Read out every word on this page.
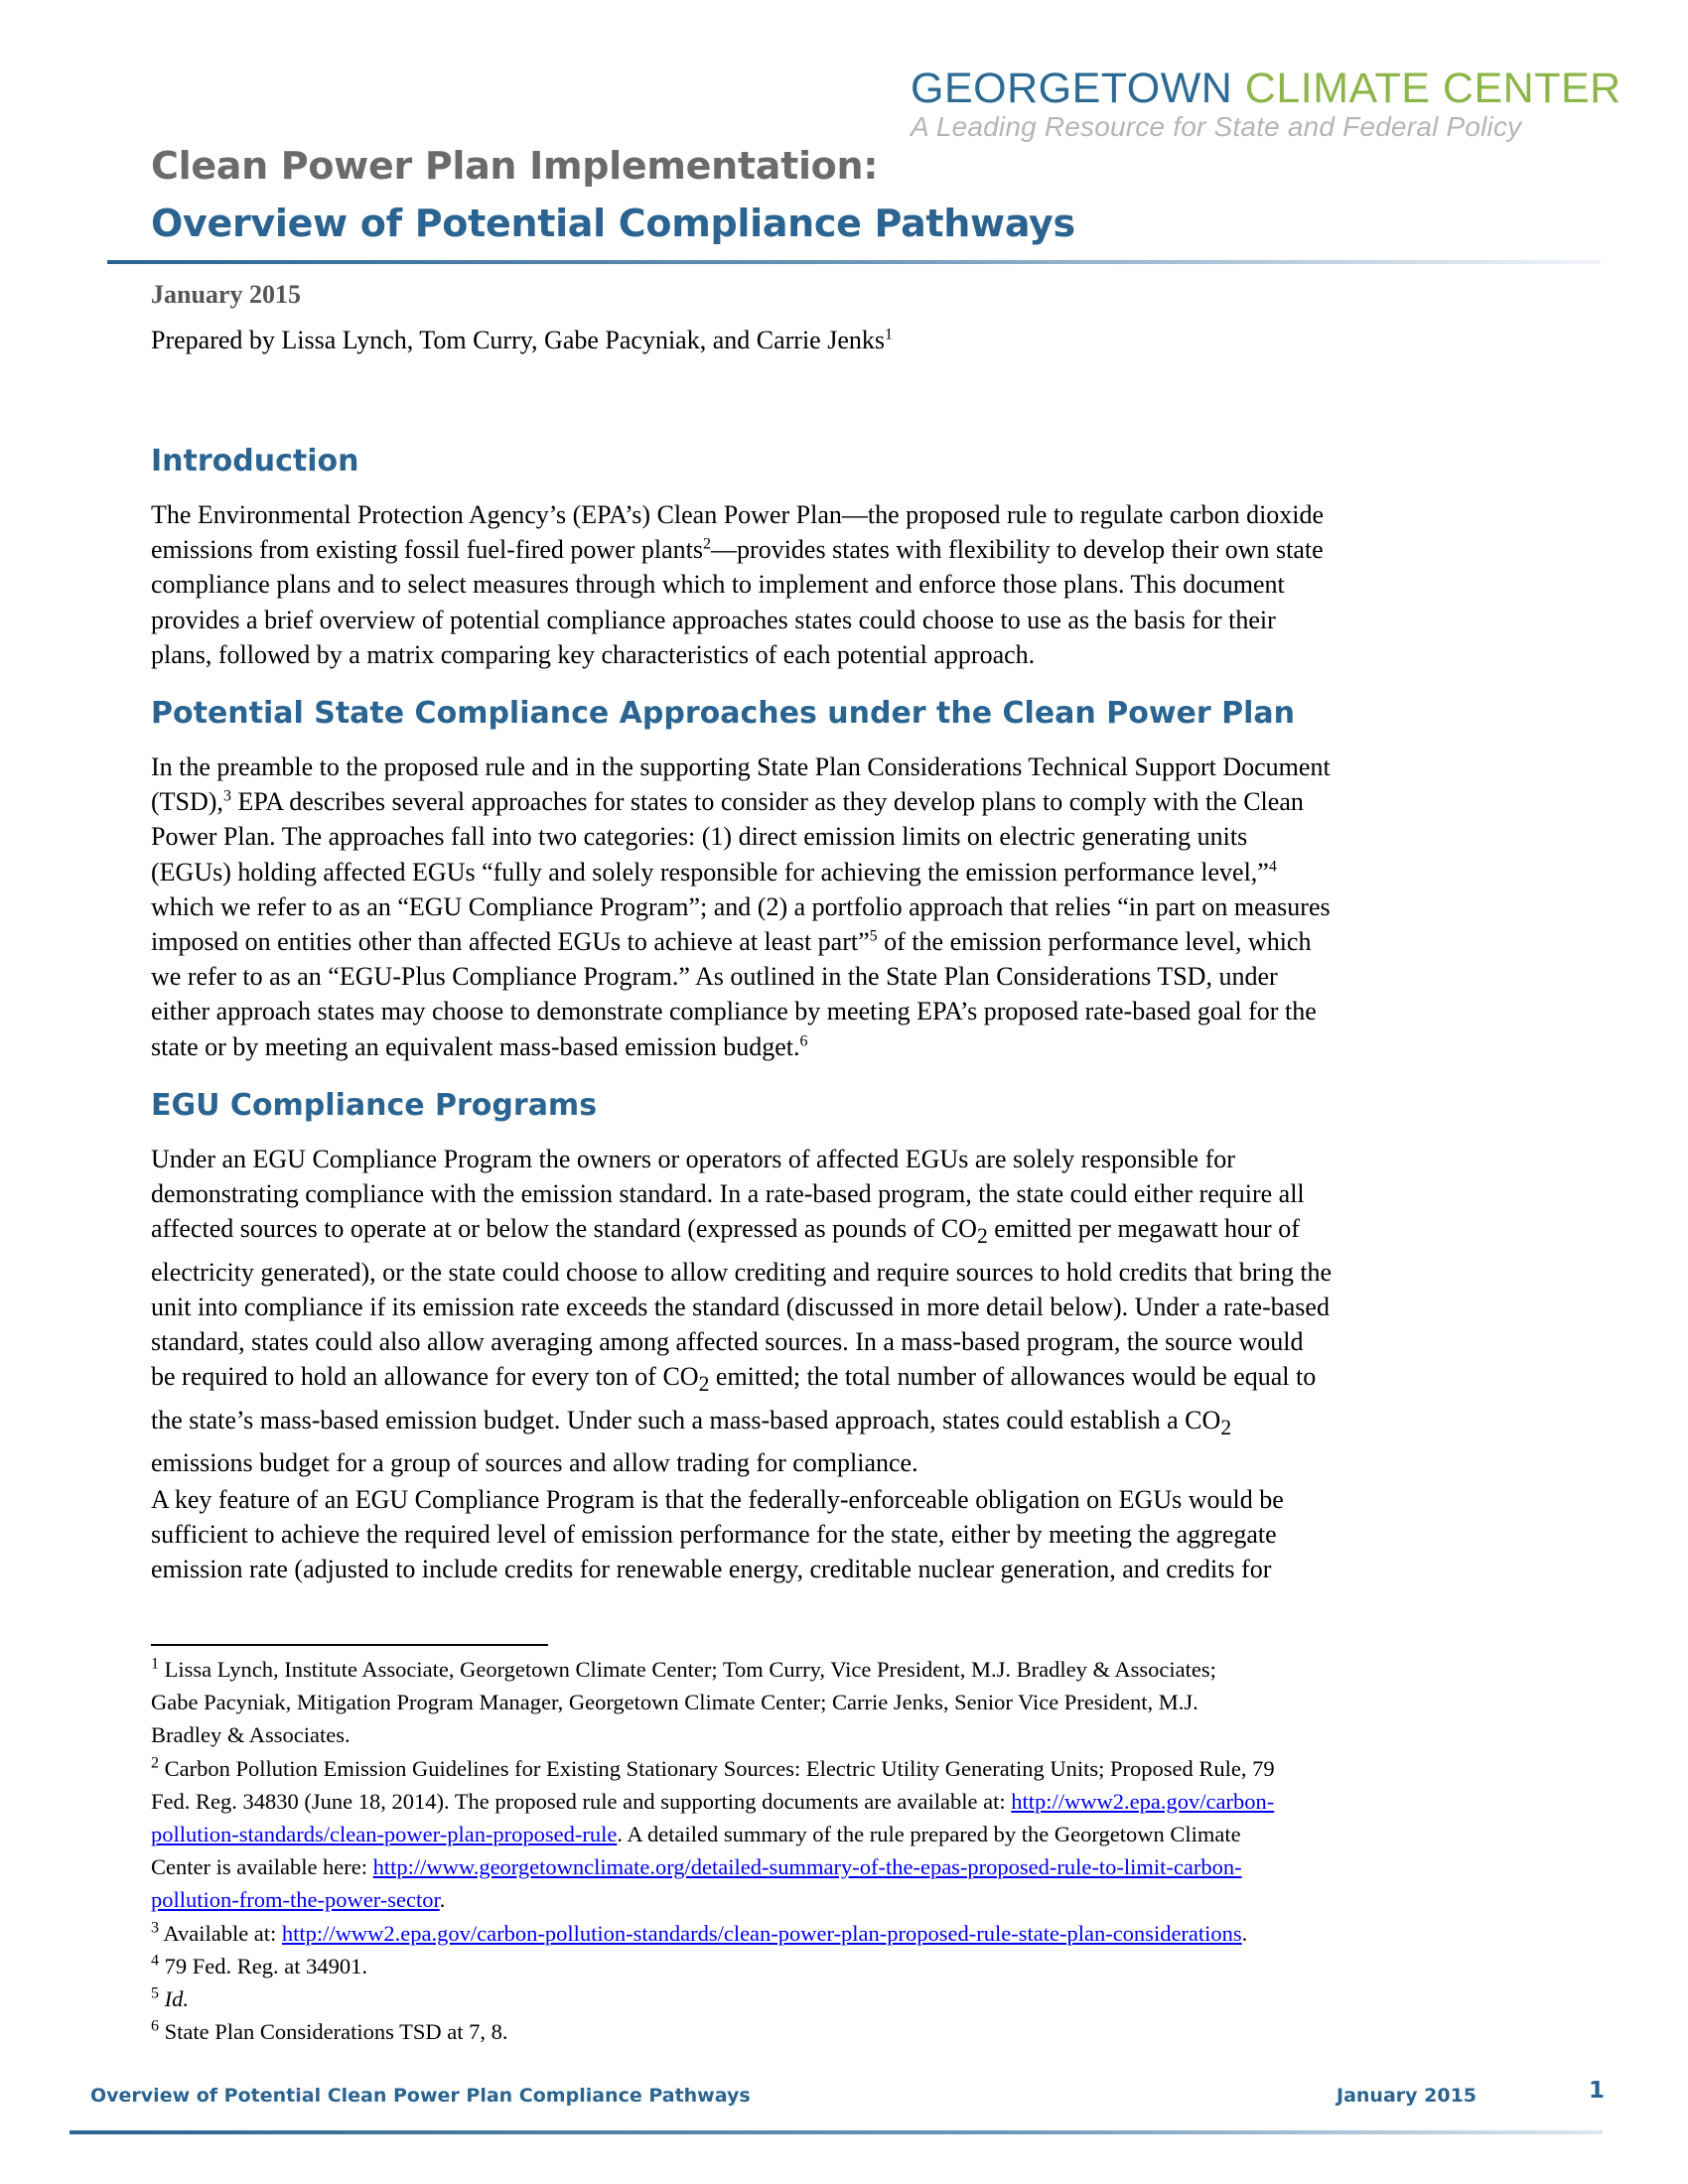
GEORGETOWN CLIMATE CENTER
A Leading Resource for State and Federal Policy
Clean Power Plan Implementation:
Overview of Potential Compliance Pathways
January 2015
Prepared by Lissa Lynch, Tom Curry, Gabe Pacyniak, and Carrie Jenks$^1$
Introduction
The Environmental Protection Agency’s (EPA’s) Clean Power Plan—the proposed rule to regulate carbon dioxide
emissions from existing fossil fuel-fired power plants$^2$—provides states with flexibility to develop their own state
compliance plans and to select measures through which to implement and enforce those plans. This document
provides a brief overview of potential compliance approaches states could choose to use as the basis for their
plans, followed by a matrix comparing key characteristics of each potential approach.
Potential State Compliance Approaches under the Clean Power Plan
In the preamble to the proposed rule and in the supporting State Plan Considerations Technical Support Document
(TSD),$^3$ EPA describes several approaches for states to consider as they develop plans to comply with the Clean
Power Plan. The approaches fall into two categories: (1) direct emission limits on electric generating units
(EGUs) holding affected EGUs “fully and solely responsible for achieving the emission performance level,”$^4$
which we refer to as an “EGU Compliance Program”; and (2) a portfolio approach that relies “in part on measures
imposed on entities other than affected EGUs to achieve at least part”$^5$ of the emission performance level, which
we refer to as an “EGU-Plus Compliance Program.” As outlined in the State Plan Considerations TSD, under
either approach states may choose to demonstrate compliance by meeting EPA’s proposed rate-based goal for the
state or by meeting an equivalent mass-based emission budget.$^6$
EGU Compliance Programs
Under an EGU Compliance Program the owners or operators of affected EGUs are solely responsible for
demonstrating compliance with the emission standard. In a rate-based program, the state could either require all
affected sources to operate at or below the standard (expressed as pounds of $CO_2$ emitted per megawatt hour of
electricity generated), or the state could choose to allow crediting and require sources to hold credits that bring the
unit into compliance if its emission rate exceeds the standard (discussed in more detail below). Under a rate-based
standard, states could also allow averaging among affected sources. In a mass-based program, the source would
be required to hold an allowance for every ton of $CO_2$ emitted; the total number of allowances would be equal to
the state’s mass-based emission budget. Under such a mass-based approach, states could establish a $CO_2$
emissions budget for a group of sources and allow trading for compliance.
A key feature of an EGU Compliance Program is that the federally-enforceable obligation on EGUs would be
sufficient to achieve the required level of emission performance for the state, either by meeting the aggregate
emission rate (adjusted to include credits for renewable energy, creditable nuclear generation, and credits for
$^1$ Lissa Lynch, Institute Associate, Georgetown Climate Center; Tom Curry, Vice President, M.J. Bradley & Associates;
Gabe Pacyniak, Mitigation Program Manager, Georgetown Climate Center; Carrie Jenks, Senior Vice President, M.J.
Bradley & Associates.
$^2$ Carbon Pollution Emission Guidelines for Existing Stationary Sources: Electric Utility Generating Units; Proposed Rule, 79
Fed. Reg. 34830 (June 18, 2014). The proposed rule and supporting documents are available at: http://www2.epa.gov/carbon-
pollution-standards/clean-power-plan-proposed-rule. A detailed summary of the rule prepared by the Georgetown Climate
Center is available here: http://www.georgetownclimate.org/detailed-summary-of-the-epas-proposed-rule-to-limit-carbon-
pollution-from-the-power-sector.
$^3$ Available at: http://www2.epa.gov/carbon-pollution-standards/clean-power-plan-proposed-rule-state-plan-considerations.
$^4$ 79 Fed. Reg. at 34901.
$^5$ Id.
$^6$ State Plan Considerations TSD at 7, 8.
Overview of Potential Clean Power Plan Compliance Pathways	January 2015	1
